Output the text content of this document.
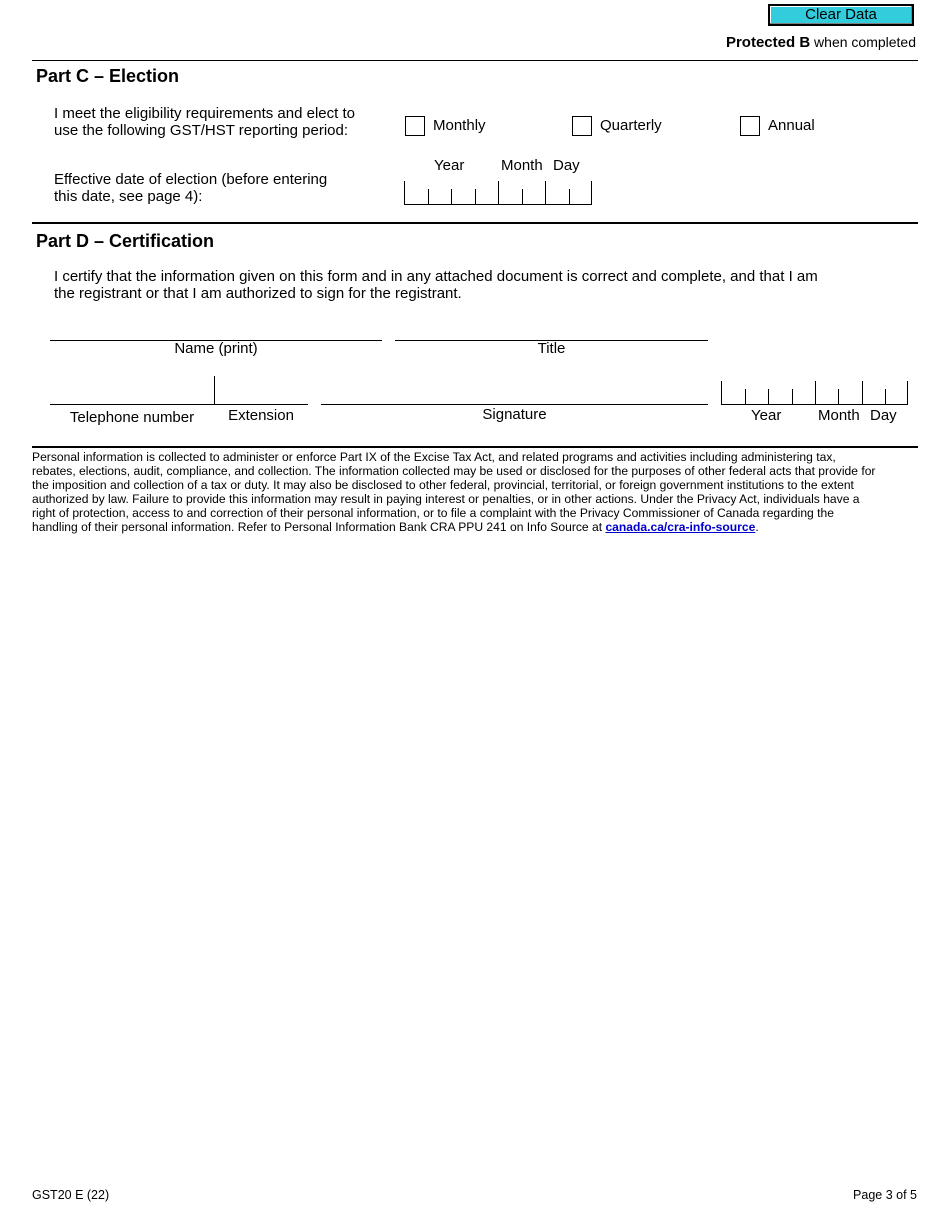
Clear Data
Protected B when completed
Part C – Election
I meet the eligibility requirements and elect to
use the following GST/HST reporting period:	Monthly	Quarterly	Annual
Effective date of election (before entering
this date, see page 4):
Year Month Day
Part D – Certification
I certify that the information given on this form and in any attached document is correct and complete, and that I am
the registrant or that I am authorized to sign for the registrant.
Name (print)	Title
Telephone number	Extension	Signature	Year Month Day
Personal information is collected to administer or enforce Part IX of the Excise Tax Act, and related programs and activities including administering tax,
rebates, elections, audit, compliance, and collection. The information collected may be used or disclosed for the purposes of other federal acts that provide for
the imposition and collection of a tax or duty. It may also be disclosed to other federal, provincial, territorial, or foreign government institutions to the extent
authorized by law. Failure to provide this information may result in paying interest or penalties, or in other actions. Under the Privacy Act, individuals have a
right of protection, access to and correction of their personal information, or to file a complaint with the Privacy Commissioner of Canada regarding the
handling of their personal information. Refer to Personal Information Bank CRA PPU 241 on Info Source at canada.ca/cra-info-source.
GST20 E (22)	Page 3 of 5
